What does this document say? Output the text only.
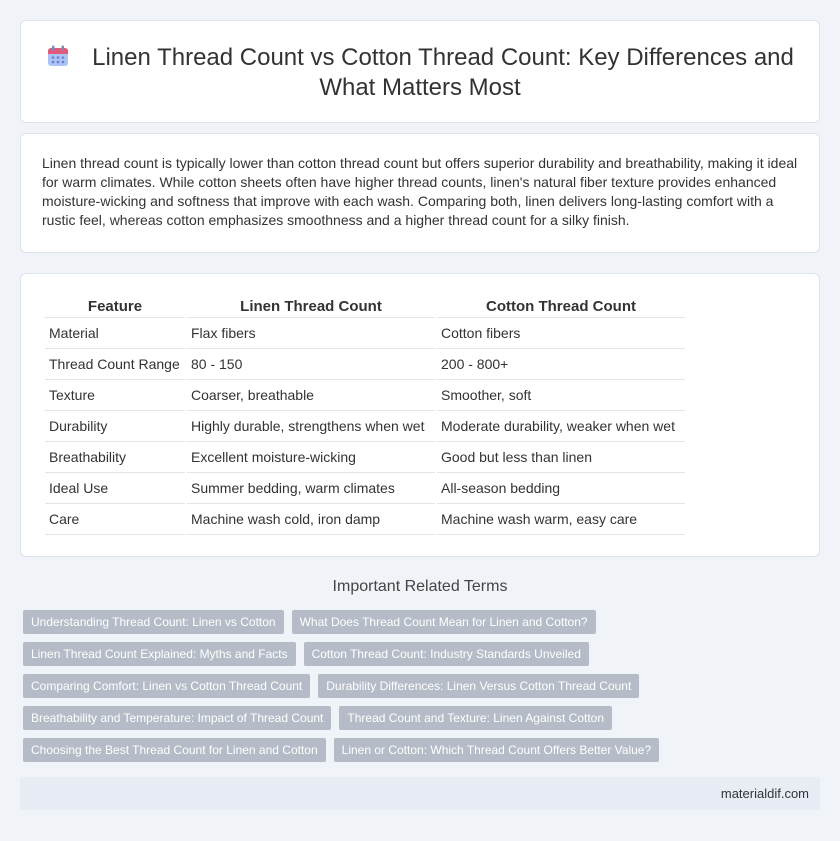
Linen Thread Count vs Cotton Thread Count: Key Differences and What Matters Most

Linen thread count is typically lower than cotton thread count but offers superior durability and breathability, making it ideal for warm climates. While cotton sheets often have higher thread counts, linen's natural fiber texture provides enhanced moisture-wicking and softness that improve with each wash. Comparing both, linen delivers long-lasting comfort with a rustic feel, whereas cotton emphasizes smoothness and a higher thread count for a silky finish.

Feature	Linen Thread Count	Cotton Thread Count
Material	Flax fibers	Cotton fibers
Thread Count Range	80 - 150	200 - 800+
Texture	Coarser, breathable	Smoother, soft
Durability	Highly durable, strengthens when wet	Moderate durability, weaker when wet
Breathability	Excellent moisture-wicking	Good but less than linen
Ideal Use	Summer bedding, warm climates	All-season bedding
Care	Machine wash cold, iron damp	Machine wash warm, easy care
Important Related Terms
Understanding Thread Count: Linen vs Cotton	What Does Thread Count Mean for Linen and Cotton?
Linen Thread Count Explained: Myths and Facts	Cotton Thread Count: Industry Standards Unveiled
Comparing Comfort: Linen vs Cotton Thread Count	Durability Differences: Linen Versus Cotton Thread Count
Breathability and Temperature: Impact of Thread Count	Thread Count and Texture: Linen Against Cotton
Choosing the Best Thread Count for Linen and Cotton	Linen or Cotton: Which Thread Count Offers Better Value?
materialdif.com
